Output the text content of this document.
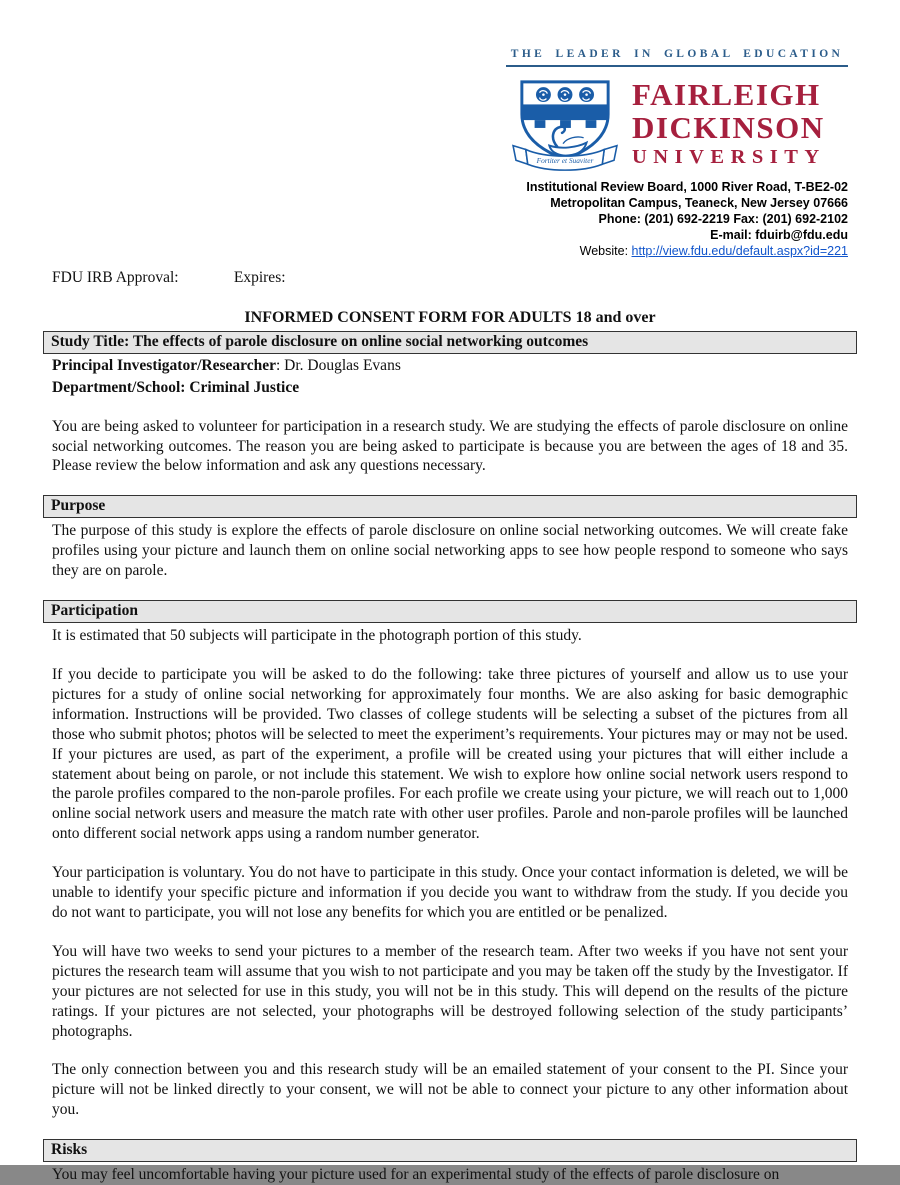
THE LEADER IN GLOBAL EDUCATION
Fortiter et Suaviter
FAIRLEIGH
DICKINSON
UNIVERSITY
Institutional Review Board, 1000 River Road, T-BE2-02
Metropolitan Campus, Teaneck, New Jersey 07666
Phone: (201) 692-2219 Fax: (201) 692-2102
E-mail: fduirb@fdu.edu
Website: http://view.fdu.edu/default.aspx?id=221
FDU IRB Approval:	Expires:
INFORMED CONSENT FORM FOR ADULTS 18 and over
Study Title: The effects of parole disclosure on online social networking outcomes
Principal Investigator/Researcher: Dr. Douglas Evans
Department/School: Criminal Justice

You are being asked to volunteer for participation in a research study. We are studying the effects of parole disclosure on online social networking outcomes. The reason you are being asked to participate is because you are between the ages of 18 and 35. Please review the below information and ask any questions necessary.

Purpose

The purpose of this study is explore the effects of parole disclosure on online social networking outcomes. We will create fake profiles using your picture and launch them on online social networking apps to see how people respond to someone who says they are on parole.

Participation

It is estimated that 50 subjects will participate in the photograph portion of this study.

If you decide to participate you will be asked to do the following: take three pictures of yourself and allow us to use your pictures for a study of online social networking for approximately four months. We are also asking for basic demographic information. Instructions will be provided. Two classes of college students will be selecting a subset of the pictures from all those who submit photos; photos will be selected to meet the experiment’s requirements. Your pictures may or may not be used. If your pictures are used, as part of the experiment, a profile will be created using your pictures that will either include a statement about being on parole, or not include this statement. We wish to explore how online social network users respond to the parole profiles compared to the non-parole profiles. For each profile we create using your picture, we will reach out to 1,000 online social network users and measure the match rate with other user profiles. Parole and non-parole profiles will be launched onto different social network apps using a random number generator.

Your participation is voluntary. You do not have to participate in this study. Once your contact information is deleted, we will be unable to identify your specific picture and information if you decide you want to withdraw from the study. If you decide you do not want to participate, you will not lose any benefits for which you are entitled or be penalized.

You will have two weeks to send your pictures to a member of the research team. After two weeks if you have not sent your pictures the research team will assume that you wish to not participate and you may be taken off the study by the Investigator. If your pictures are not selected for use in this study, you will not be in this study. This will depend on the results of the picture ratings. If your pictures are not selected, your photographs will be destroyed following selection of the study participants’ photographs.

The only connection between you and this research study will be an emailed statement of your consent to the PI. Since your picture will not be linked directly to your consent, we will not be able to connect your picture to any other information about you.

Risks

You may feel uncomfortable having your picture used for an experimental study of the effects of parole disclosure on
